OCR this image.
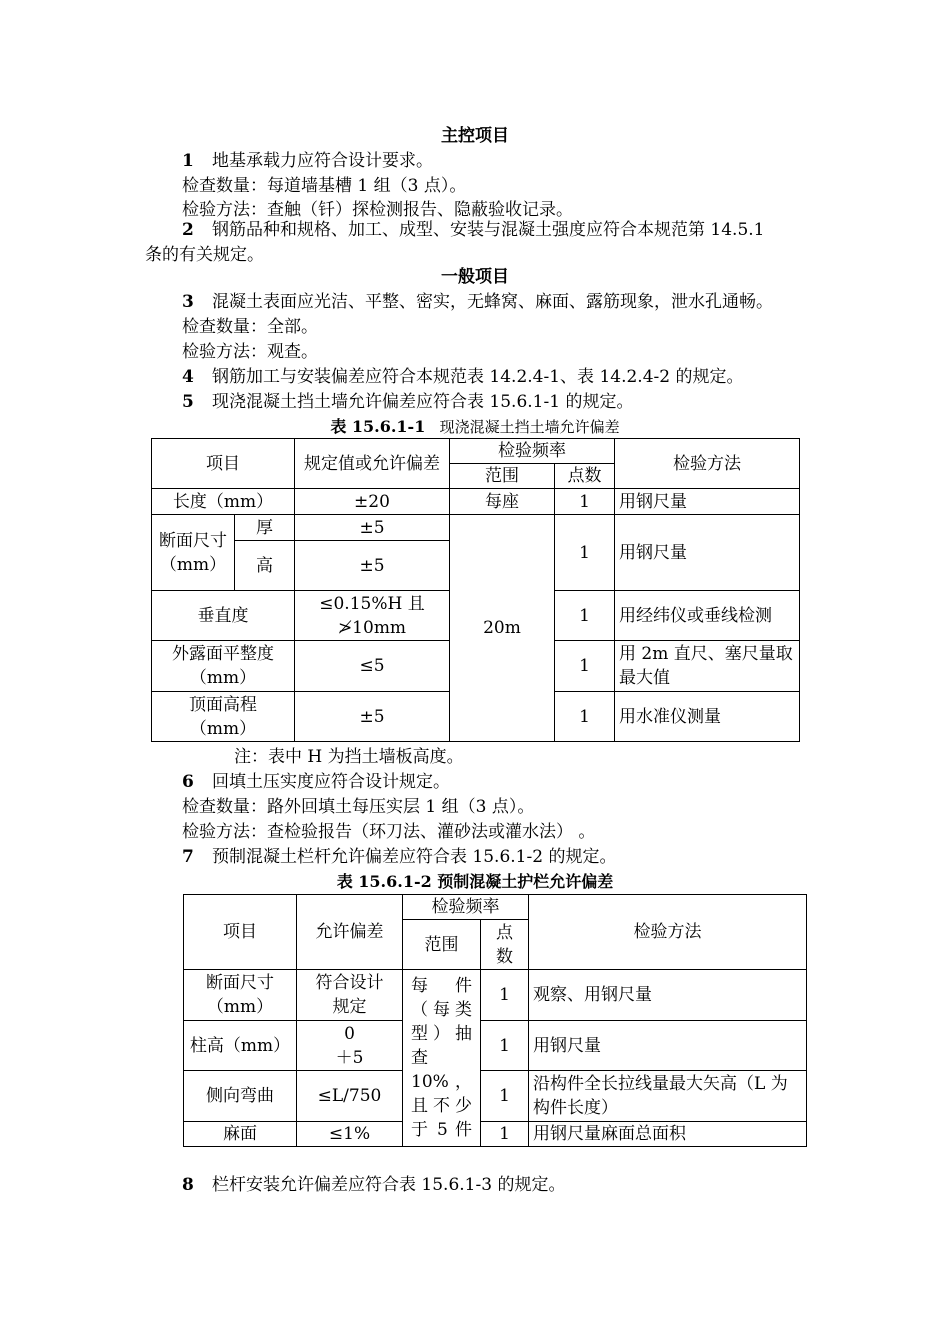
主控项目
1 地基承载力应符合设计要求。
检查数量：每道墙基槽 1 组（3 点）。
检验方法：查触（钎）探检测报告、隐蔽验收记录。
2 钢筋品种和规格、加工、成型、安装与混凝土强度应符合本规范第 14.5.1
条的有关规定。
一般项目
3 混凝土表面应光洁、平整、密实，无蜂窝、麻面、露筋现象，泄水孔通畅。
检查数量：全部。
检验方法：观查。
4 钢筋加工与安装偏差应符合本规范表 14.2.4-1、表 14.2.4-2 的规定。
5 现浇混凝土挡土墙允许偏差应符合表 15.6.1-1 的规定。
表 15.6.1-1 现浇混凝土挡土墙允许偏差
项目		规定值或允许偏差	检验频率		检验方法
			范围	点数	
长度（mm）		±20	每座	1	用钢尺量
断面尺寸（mm）	厚	±5	20m	1	用钢尺量
	高	±5			
垂直度		≤0.15%H 且≯10mm		1	用经纬仪或垂线检测
外露面平整度（mm）		≤5		1	用 2m 直尺、塞尺量取最大值
顶面高程（mm）		±5		1	用水准仪测量
注：表中 H 为挡土墙板高度。
6 回填土压实度应符合设计规定。
检查数量：路外回填土每压实层 1 组（3 点）。
检验方法：查检验报告（环刀法、灌砂法或灌水法） 。
7 预制混凝土栏杆允许偏差应符合表 15.6.1-2 的规定。
表 15.6.1-2 预制混凝土护栏允许偏差
项目	允许偏差	检验频率		检验方法
		范围	点数	
断面尺寸（mm）	符合设计规定	每件（每类型）抽查 10%，且不少于 5 件	1	观察、用钢尺量
柱高（mm）	0
＋5		1	用钢尺量
侧向弯曲	≤L/750		1	沿构件全长拉线量最大矢高（L 为构件长度）
麻面	≤1%		1	用钢尺量麻面总面积
8 栏杆安装允许偏差应符合表 15.6.1-3 的规定。
